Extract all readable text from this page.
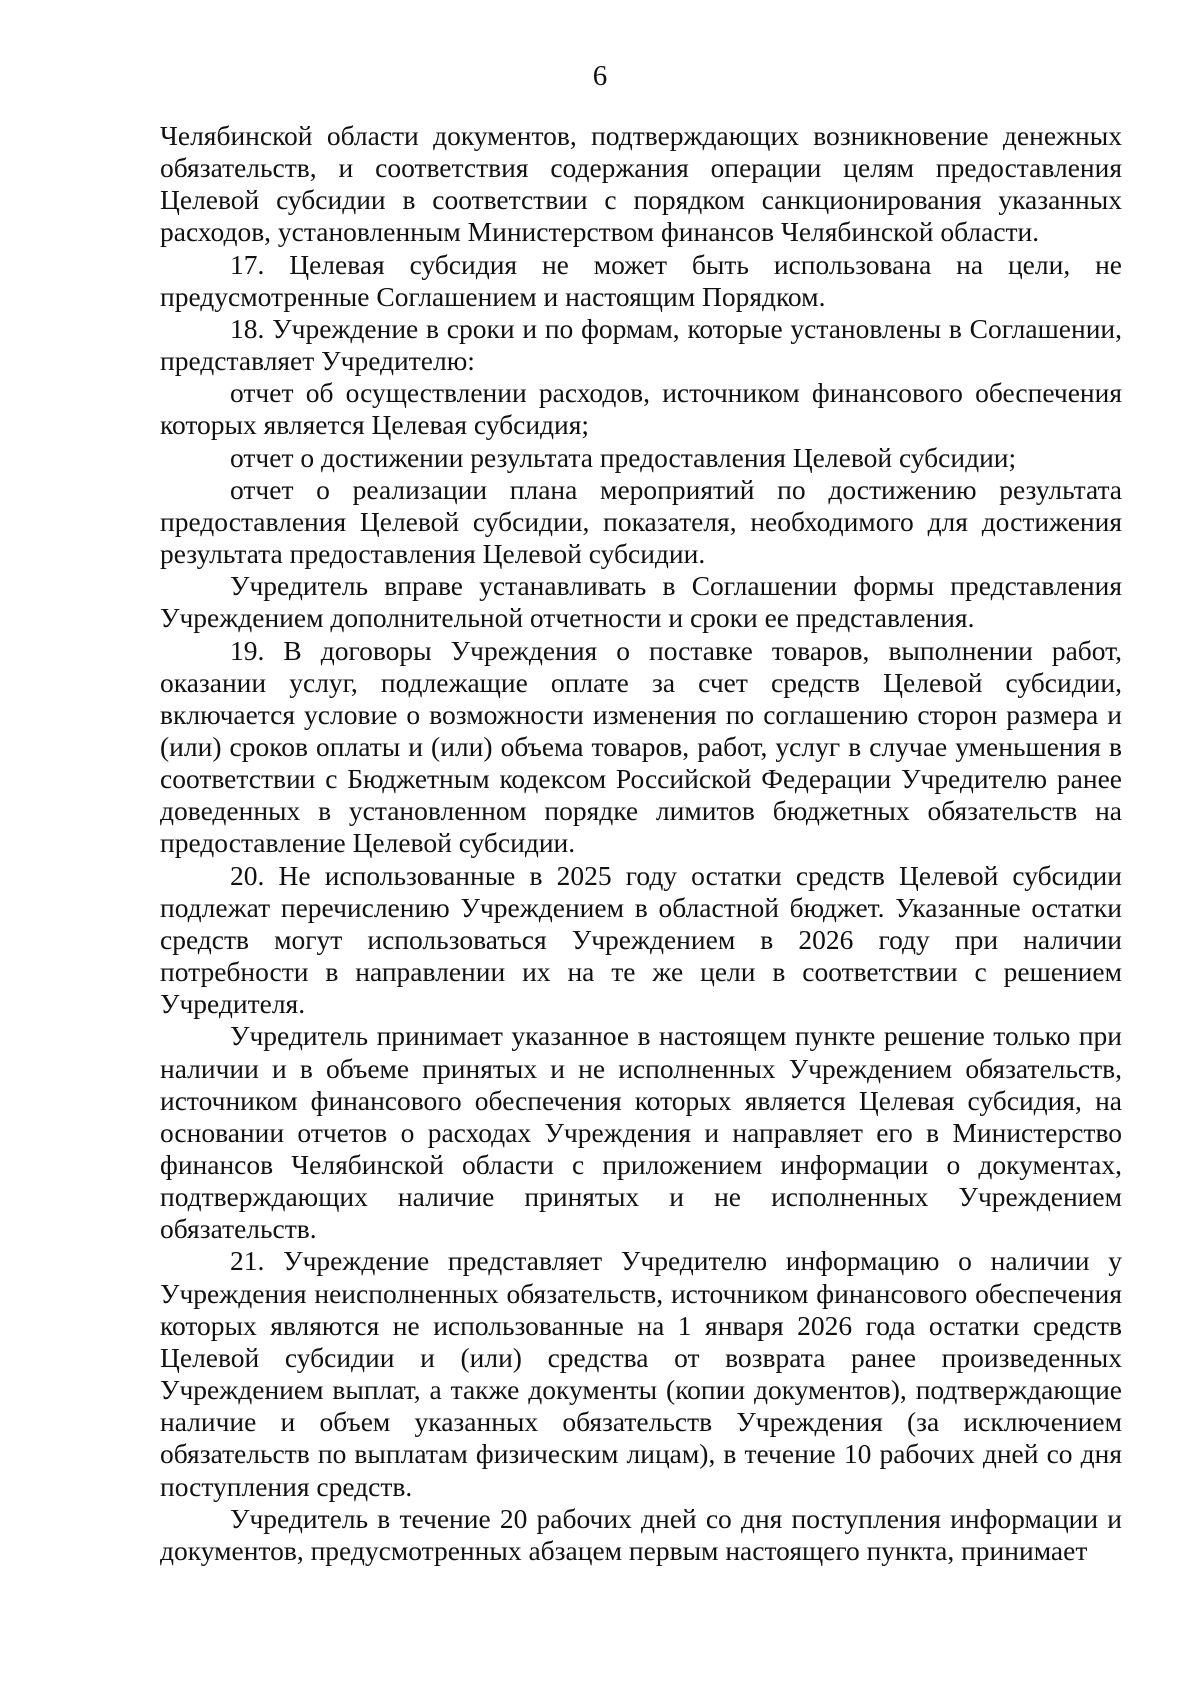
6

Челябинской области документов, подтверждающих возникновение денежных обязательств, и соответствия содержания операции целям предоставления Целевой субсидии в соответствии с порядком санкционирования указанных расходов, установленным Министерством финансов Челябинской области.

17. Целевая субсидия не может быть использована на цели, не предусмотренные Соглашением и настоящим Порядком.

18. Учреждение в сроки и по формам, которые установлены в Соглашении, представляет Учредителю:

отчет об осуществлении расходов, источником финансового обеспечения которых является Целевая субсидия;

отчет о достижении результата предоставления Целевой субсидии;

отчет о реализации плана мероприятий по достижению результата предоставления Целевой субсидии, показателя, необходимого для достижения результата предоставления Целевой субсидии.

Учредитель вправе устанавливать в Соглашении формы представления Учреждением дополнительной отчетности и сроки ее представления.

19. В договоры Учреждения о поставке товаров, выполнении работ, оказании услуг, подлежащие оплате за счет средств Целевой субсидии, включается условие о возможности изменения по соглашению сторон размера и (или) сроков оплаты и (или) объема товаров, работ, услуг в случае уменьшения в соответствии с Бюджетным кодексом Российской Федерации Учредителю ранее доведенных в установленном порядке лимитов бюджетных обязательств на предоставление Целевой субсидии.

20. Не использованные в 2025 году остатки средств Целевой субсидии подлежат перечислению Учреждением в областной бюджет. Указанные остатки средств могут использоваться Учреждением в 2026 году при наличии потребности в направлении их на те же цели в соответствии с решением Учредителя.

Учредитель принимает указанное в настоящем пункте решение только при наличии и в объеме принятых и не исполненных Учреждением обязательств, источником финансового обеспечения которых является Целевая субсидия, на основании отчетов о расходах Учреждения и направляет его в Министерство финансов Челябинской области с приложением информации о документах, подтверждающих наличие принятых и не исполненных Учреждением обязательств.

21. Учреждение представляет Учредителю информацию о наличии у Учреждения неисполненных обязательств, источником финансового обеспечения которых являются не использованные на 1 января 2026 года остатки средств Целевой субсидии и (или) средства от возврата ранее произведенных Учреждением выплат, а также документы (копии документов), подтверждающие наличие и объем указанных обязательств Учреждения (за исключением обязательств по выплатам физическим лицам), в течение 10 рабочих дней со дня поступления средств.

Учредитель в течение 20 рабочих дней со дня поступления информации и документов, предусмотренных абзацем первым настоящего пункта, принимает
